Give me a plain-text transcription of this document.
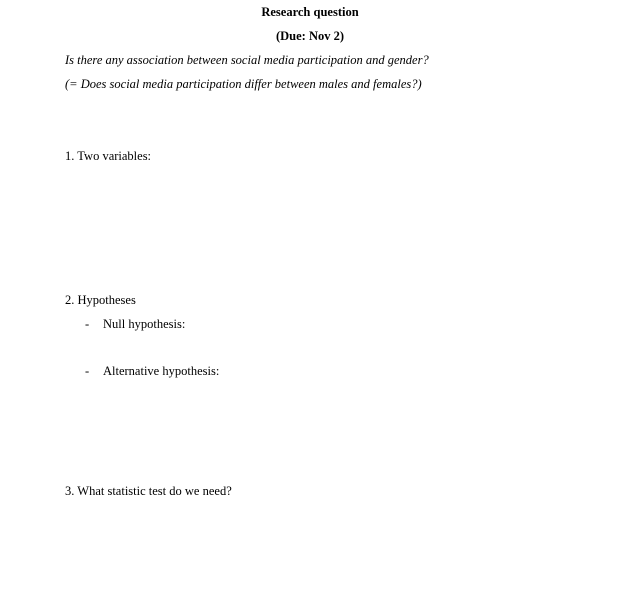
Research question
(Due: Nov 2)
Is there any association between social media participation and gender?
(= Does social media participation differ between males and females?)
1. Two variables:
2. Hypotheses
- Null hypothesis:
- Alternative hypothesis:
3. What statistic test do we need?
